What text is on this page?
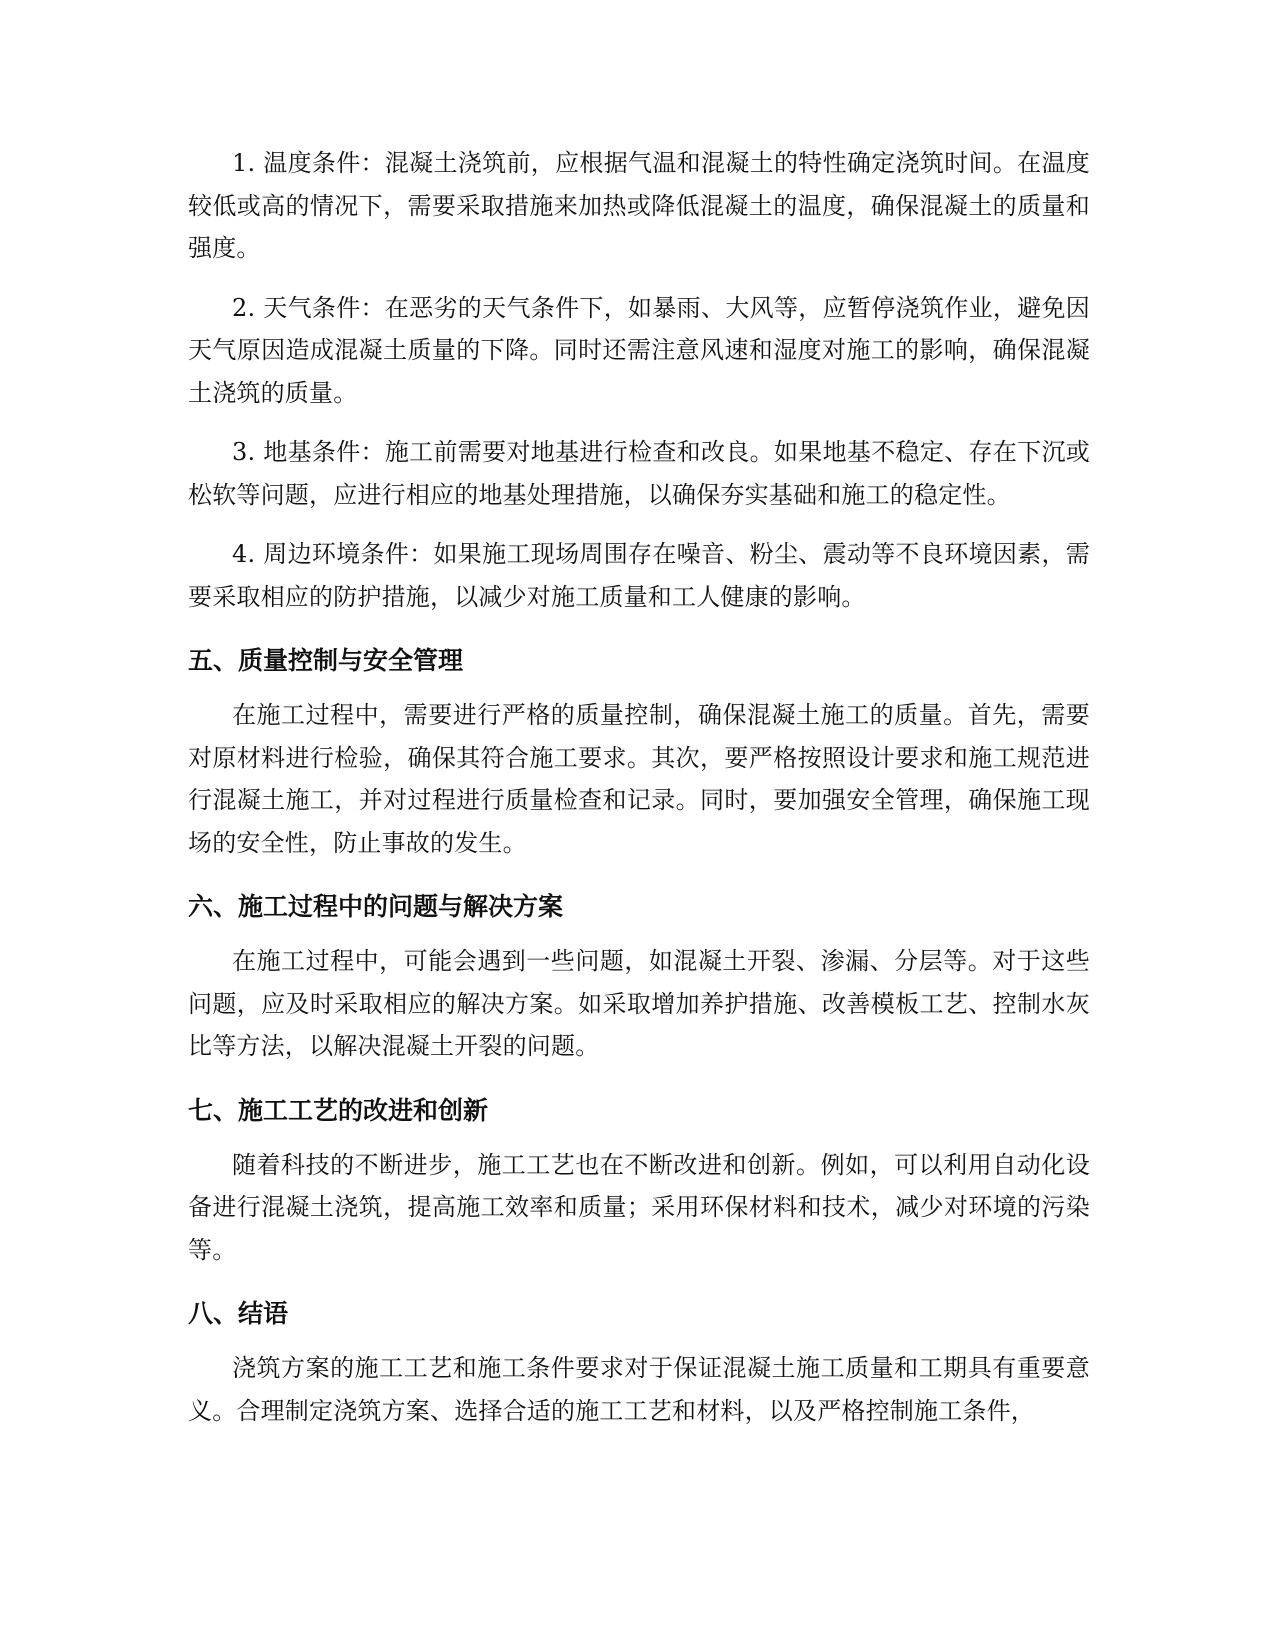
1. 温度条件：混凝土浇筑前，应根据气温和混凝土的特性确定浇筑时间。在温度较低或高的情况下，需要采取措施来加热或降低混凝土的温度，确保混凝土的质量和强度。

2. 天气条件：在恶劣的天气条件下，如暴雨、大风等，应暂停浇筑作业，避免因天气原因造成混凝土质量的下降。同时还需注意风速和湿度对施工的影响，确保混凝土浇筑的质量。

3. 地基条件：施工前需要对地基进行检查和改良。如果地基不稳定、存在下沉或松软等问题，应进行相应的地基处理措施，以确保夯实基础和施工的稳定性。

4. 周边环境条件：如果施工现场周围存在噪音、粉尘、震动等不良环境因素，需要采取相应的防护措施，以减少对施工质量和工人健康的影响。

五、质量控制与安全管理

在施工过程中，需要进行严格的质量控制，确保混凝土施工的质量。首先，需要对原材料进行检验，确保其符合施工要求。其次，要严格按照设计要求和施工规范进行混凝土施工，并对过程进行质量检查和记录。同时，要加强安全管理，确保施工现场的安全性，防止事故的发生。

六、施工过程中的问题与解决方案

在施工过程中，可能会遇到一些问题，如混凝土开裂、渗漏、分层等。对于这些问题，应及时采取相应的解决方案。如采取增加养护措施、改善模板工艺、控制水灰比等方法，以解决混凝土开裂的问题。

七、施工工艺的改进和创新

随着科技的不断进步，施工工艺也在不断改进和创新。例如，可以利用自动化设备进行混凝土浇筑，提高施工效率和质量；采用环保材料和技术，减少对环境的污染等。

八、结语

浇筑方案的施工工艺和施工条件要求对于保证混凝土施工质量和工期具有重要意义。合理制定浇筑方案、选择合适的施工工艺和材料，以及严格控制施工条件，
